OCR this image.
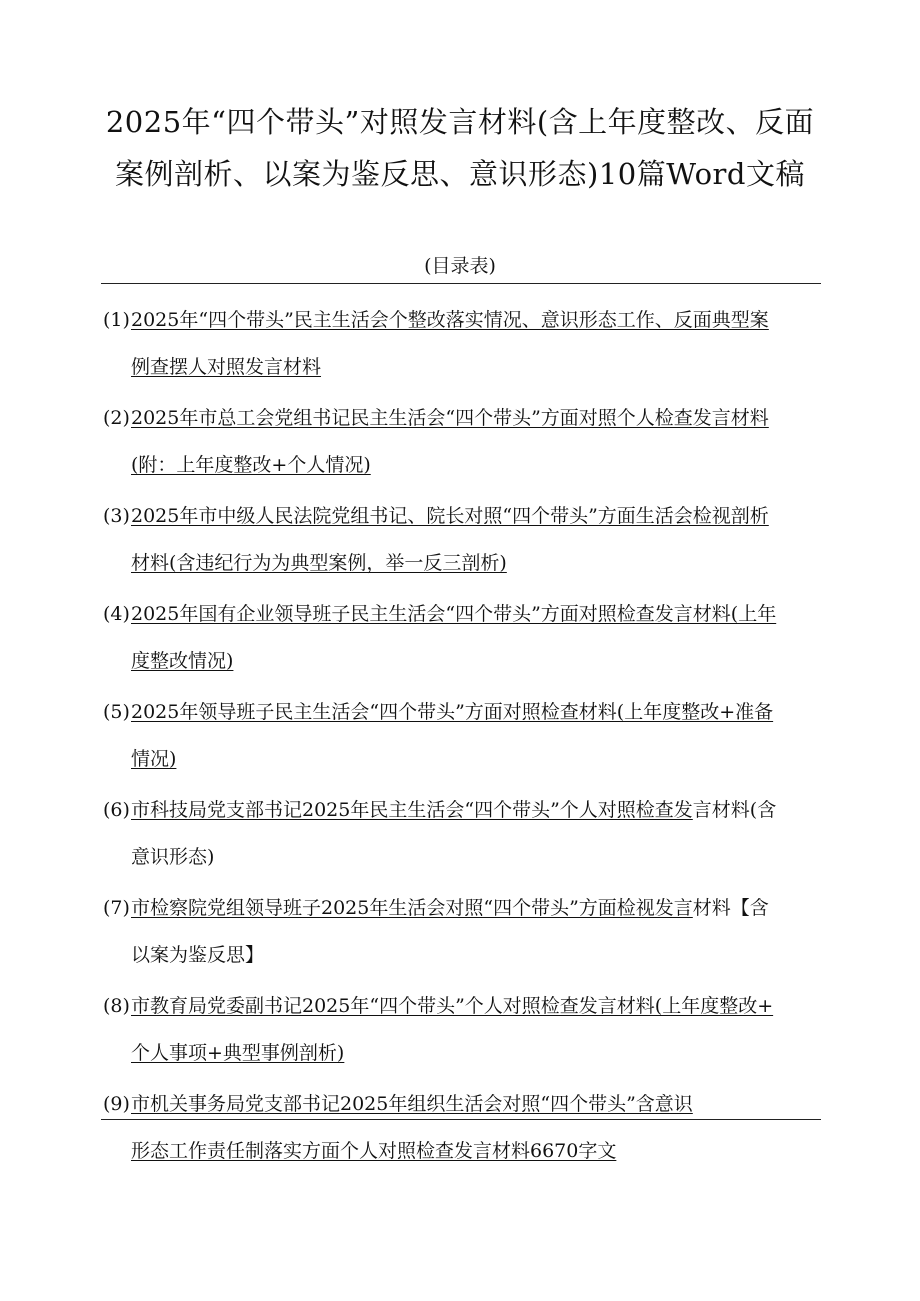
2025年“四个带头”对照发言材料(含上年度整改、反面
案例剖析、以案为鉴反思、意识形态)10篇Word文稿
(目录表)
(1) 2025年“四个带头”民主生活会个整改落实情况、意识形态工作、反面典型案
例查摆人对照发言材料
(2) 2025年市总工会党组书记民主生活会“四个带头”方面对照个人检查发言材料
(附：上年度整改+个人情况)
(3) 2025年市中级人民法院党组书记、院长对照“四个带头”方面生活会检视剖析
材料(含违纪行为为典型案例，举一反三剖析)
(4) 2025年国有企业领导班子民主生活会“四个带头”方面对照检查发言材料(上年
度整改情况)
(5) 2025年领导班子民主生活会“四个带头”方面对照检查材料(上年度整改+准备
情况)
(6) 市科技局党支部书记2025年民主生活会“四个带头”个人对照检查发言材料(含
意识形态)
(7) 市检察院党组领导班子2025年生活会对照“四个带头”方面检视发言材料【含
以案为鉴反思】
(8) 市教育局党委副书记2025年“四个带头”个人对照检查发言材料(上年度整改+
个人事项+典型事例剖析)
(9) 市机关事务局党支部书记2025年组织生活会对照“四个带头”含意识
形态工作责任制落实方面个人对照检查发言材料6670字文
